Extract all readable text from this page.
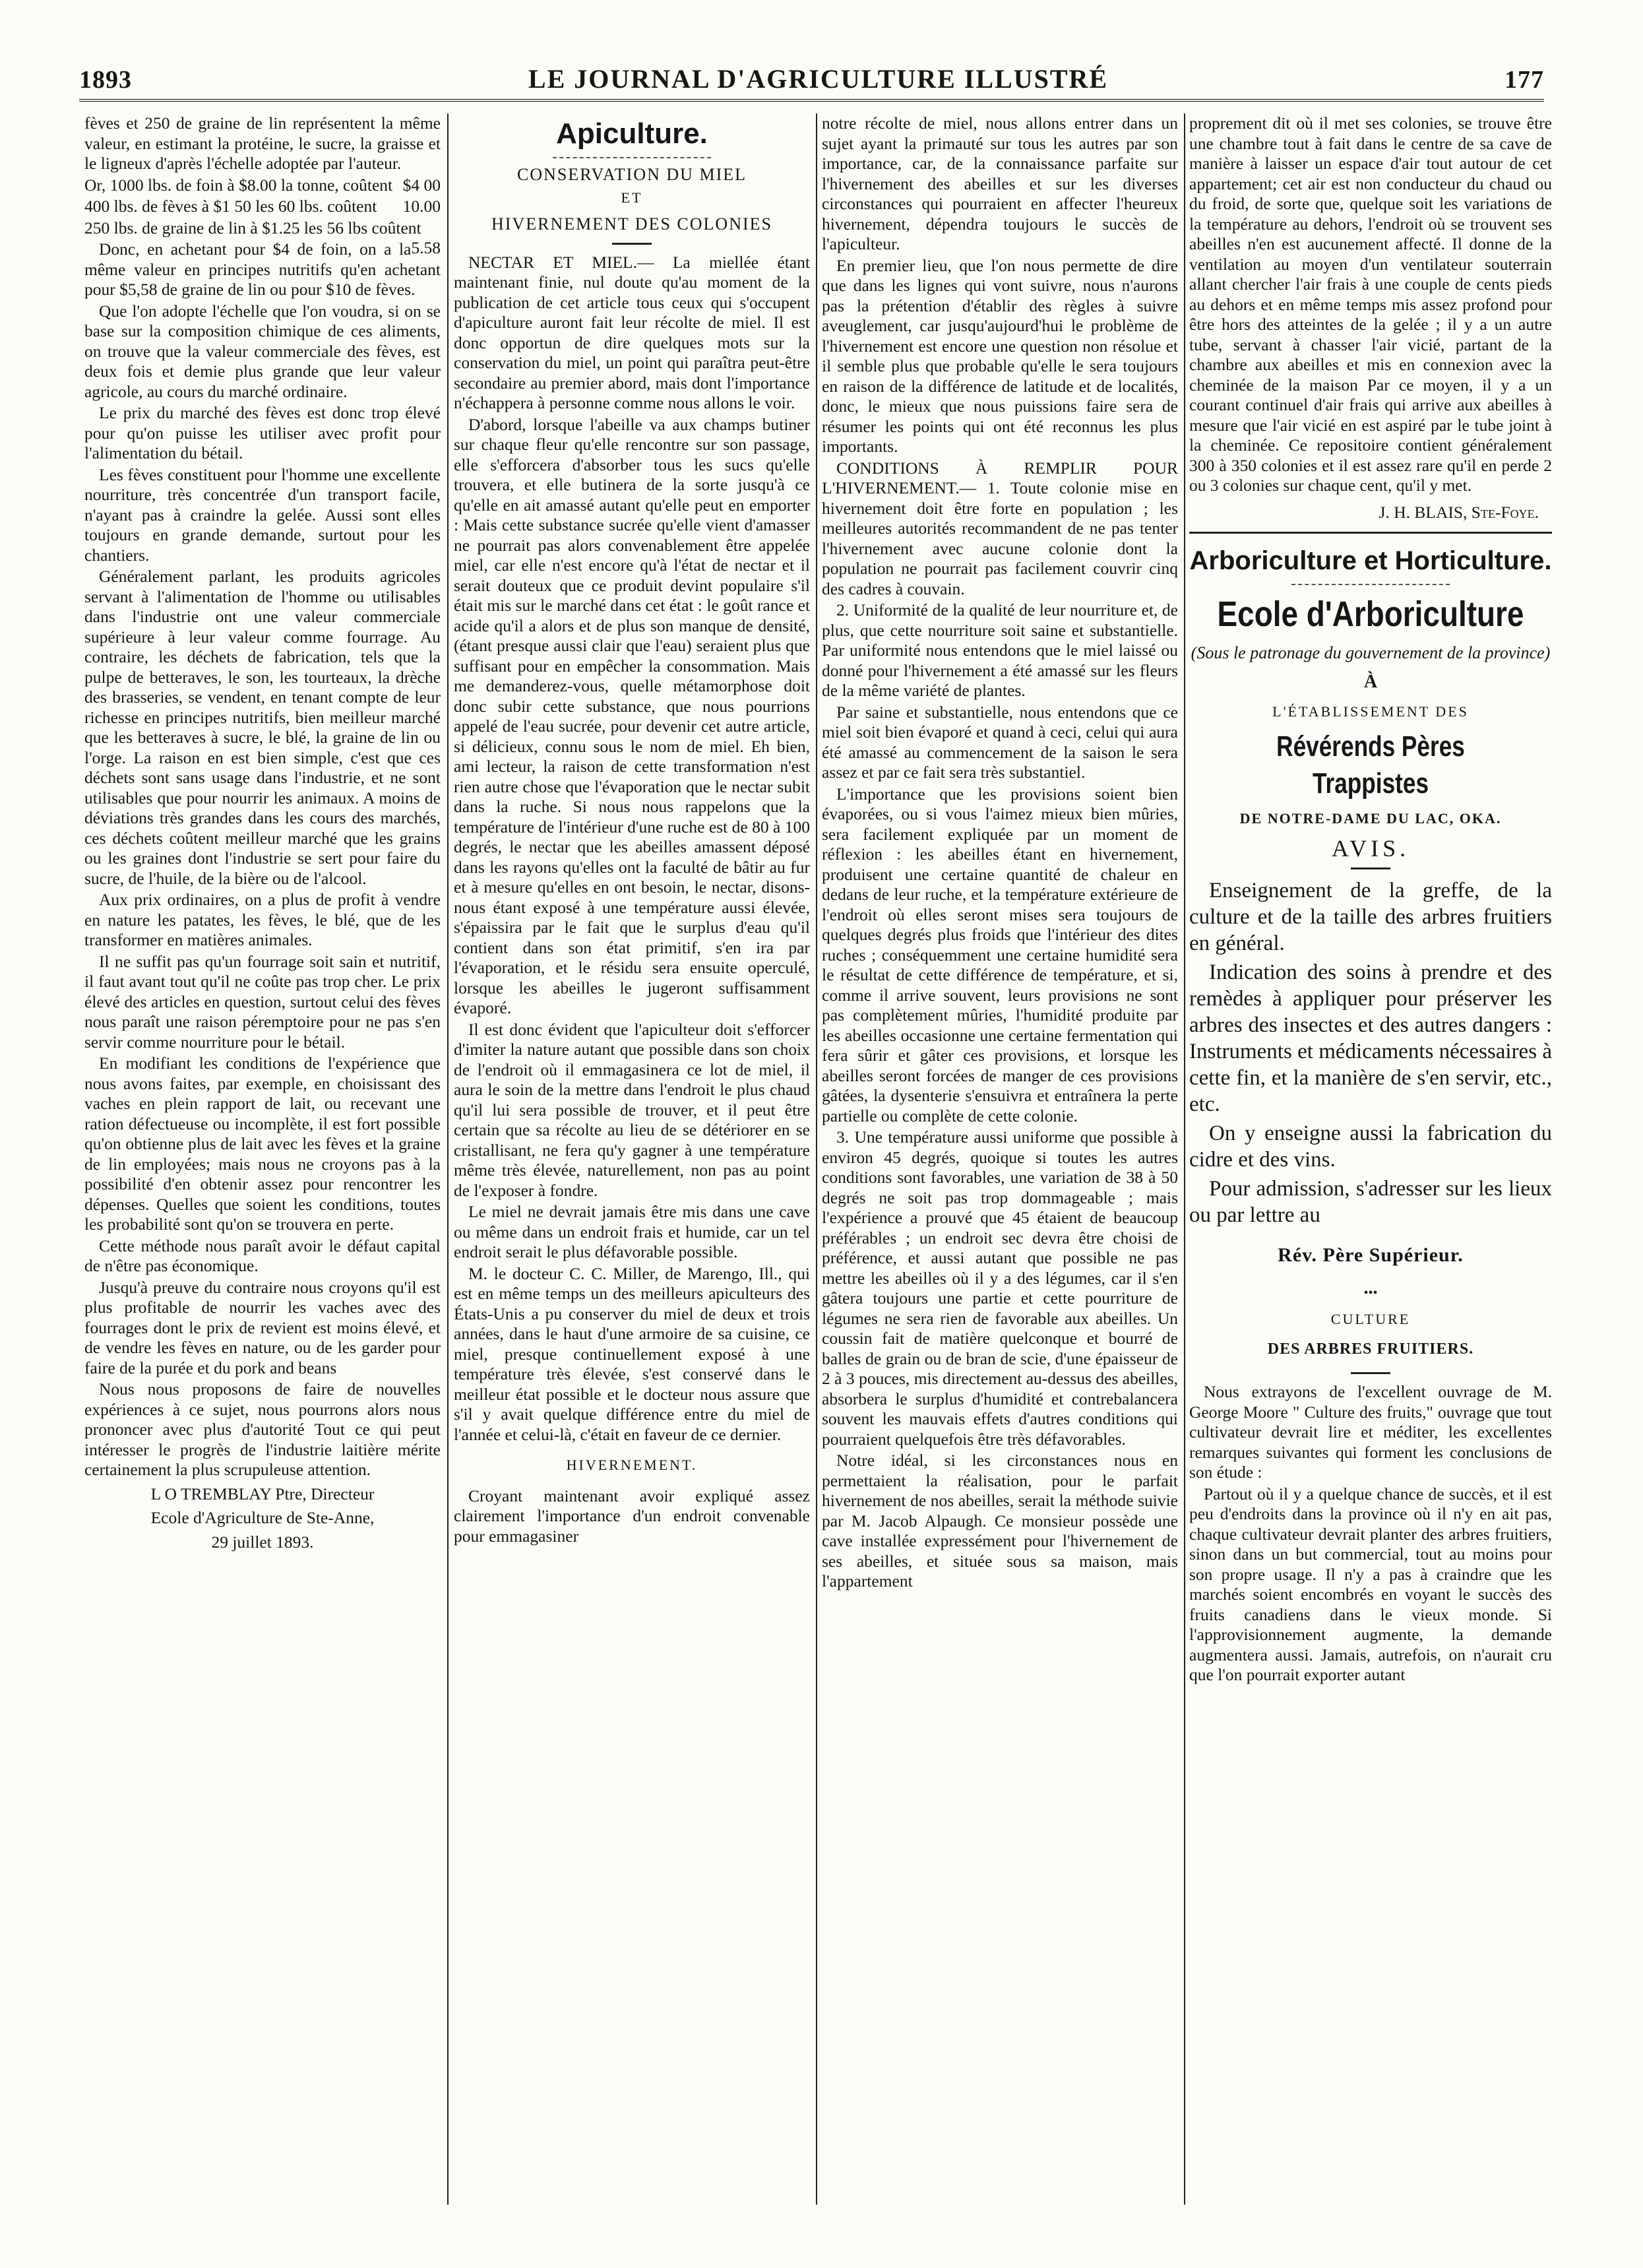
1893	LE JOURNAL D'AGRICULTURE ILLUSTRÉ	177

fèves et 250 de graine de lin représentent la même valeur, en estimant la protéine, le sucre, la graisse et le ligneux d'après l'échelle adoptée par l'auteur.

Or, 1000 lbs. de foin à $8.00 la tonne, coûtent $4 00

400 lbs. de fèves à $1 50 les 60 lbs. coûtent 10.00

250 lbs. de graine de lin à $1.25 les 56 lbs coûtent
5.58

Donc, en achetant pour $4 de foin, on a la même valeur en principes nutritifs qu'en achetant pour $5,58 de graine de lin ou pour $10 de fèves.

Que l'on adopte l'échelle que l'on voudra, si on se base sur la composition chimique de ces aliments, on trouve que la valeur commerciale des fèves, est deux fois et demie plus grande que leur valeur agricole, au cours du marché ordinaire.

Le prix du marché des fèves est donc trop élevé pour qu'on puisse les utiliser avec profit pour l'alimentation du bétail.

Les fèves constituent pour l'homme une excellente nourriture, très concentrée d'un transport facile, n'ayant pas à craindre la gelée. Aussi sont elles toujours en grande demande, surtout pour les chantiers.

Généralement parlant, les produits agricoles servant à l'alimentation de l'homme ou utilisables dans l'industrie ont une valeur commerciale supérieure à leur valeur comme fourrage. Au contraire, les déchets de fabrication, tels que la pulpe de betteraves, le son, les tourteaux, la drèche des brasseries, se vendent, en tenant compte de leur richesse en principes nutritifs, bien meilleur marché que les betteraves à sucre, le blé, la graine de lin ou l'orge. La raison en est bien simple, c'est que ces déchets sont sans usage dans l'industrie, et ne sont utilisables que pour nourrir les animaux. A moins de déviations très grandes dans les cours des marchés, ces déchets coûtent meilleur marché que les grains ou les graines dont l'industrie se sert pour faire du sucre, de l'huile, de la bière ou de l'alcool.

Aux prix ordinaires, on a plus de profit à vendre en nature les patates, les fèves, le blé, que de les transformer en matières animales.

Il ne suffit pas qu'un fourrage soit sain et nutritif, il faut avant tout qu'il ne coûte pas trop cher. Le prix élevé des articles en question, surtout celui des fèves nous paraît une raison péremptoire pour ne pas s'en servir comme nourriture pour le bétail.

En modifiant les conditions de l'expérience que nous avons faites, par exemple, en choisissant des vaches en plein rapport de lait, ou recevant une ration défectueuse ou incomplète, il est fort possible qu'on obtienne plus de lait avec les fèves et la graine de lin employées; mais nous ne croyons pas à la possibilité d'en obtenir assez pour rencontrer les dépenses. Quelles que soient les conditions, toutes les probabilité sont qu'on se trouvera en perte.

Cette méthode nous paraît avoir le défaut capital de n'être pas économique.

Jusqu'à preuve du contraire nous croyons qu'il est plus profitable de nourrir les vaches avec des fourrages dont le prix de revient est moins élevé, et de vendre les fèves en nature, ou de les garder pour faire de la purée et du pork and beans

Nous nous proposons de faire de nouvelles expériences à ce sujet, nous pourrons alors nous prononcer avec plus d'autorité Tout ce qui peut intéresser le progrès de l'industrie laitière mérite certainement la plus scrupuleuse attention.

L O TREMBLAY Ptre, Directeur
Ecole d'Agriculture de Ste-Anne,
29 juillet 1893.
Apiculture.
CONSERVATION DU MIEL
ET
HIVERNEMENT DES COLONIES

NECTAR ET MIEL.— La miellée étant maintenant finie, nul doute qu'au moment de la publication de cet article tous ceux qui s'occupent d'apiculture auront fait leur récolte de miel. Il est donc opportun de dire quelques mots sur la conservation du miel, un point qui paraîtra peut-être secondaire au premier abord, mais dont l'importance n'échappera à personne comme nous allons le voir.

D'abord, lorsque l'abeille va aux champs butiner sur chaque fleur qu'elle rencontre sur son passage, elle s'efforcera d'absorber tous les sucs qu'elle trouvera, et elle butinera de la sorte jusqu'à ce qu'elle en ait amassé autant qu'elle peut en emporter : Mais cette substance sucrée qu'elle vient d'amasser ne pourrait pas alors convenablement être appelée miel, car elle n'est encore qu'à l'état de nectar et il serait douteux que ce produit devint populaire s'il était mis sur le marché dans cet état : le goût rance et acide qu'il a alors et de plus son manque de densité, (étant presque aussi clair que l'eau) seraient plus que suffisant pour en empêcher la consommation. Mais me demanderez-vous, quelle métamorphose doit donc subir cette substance, que nous pourrions appelé de l'eau sucrée, pour devenir cet autre article, si délicieux, connu sous le nom de miel. Eh bien, ami lecteur, la raison de cette transformation n'est rien autre chose que l'évaporation que le nectar subit dans la ruche. Si nous nous rappelons que la température de l'intérieur d'une ruche est de 80 à 100 degrés, le nectar que les abeilles amassent déposé dans les rayons qu'elles ont la faculté de bâtir au fur et à mesure qu'elles en ont besoin, le nectar, disons-nous étant exposé à une température aussi élevée, s'épaissira par le fait que le surplus d'eau qu'il contient dans son état primitif, s'en ira par l'évaporation, et le résidu sera ensuite operculé, lorsque les abeilles le jugeront suffisamment évaporé.

Il est donc évident que l'apiculteur doit s'efforcer d'imiter la nature autant que possible dans son choix de l'endroit où il emmagasinera ce lot de miel, il aura le soin de la mettre dans l'endroit le plus chaud qu'il lui sera possible de trouver, et il peut être certain que sa récolte au lieu de se détériorer en se cristallisant, ne fera qu'y gagner à une température même très élevée, naturellement, non pas au point de l'exposer à fondre.

Le miel ne devrait jamais être mis dans une cave ou même dans un endroit frais et humide, car un tel endroit serait le plus défavorable possible.

M. le docteur C. C. Miller, de Marengo, Ill., qui est en même temps un des meilleurs apiculteurs des États-Unis a pu conserver du miel de deux et trois années, dans le haut d'une armoire de sa cuisine, ce miel, presque continuellement exposé à une température très élevée, s'est conservé dans le meilleur état possible et le docteur nous assure que s'il y avait quelque différence entre du miel de l'année et celui-là, c'était en faveur de ce dernier.

HIVERNEMENT.

Croyant maintenant avoir expliqué assez clairement l'importance d'un endroit convenable pour emmagasiner

notre récolte de miel, nous allons entrer dans un sujet ayant la primauté sur tous les autres par son importance, car, de la connaissance parfaite sur l'hivernement des abeilles et sur les diverses circonstances qui pourraient en affecter l'heureux hivernement, dépendra toujours le succès de l'apiculteur.

En premier lieu, que l'on nous permette de dire que dans les lignes qui vont suivre, nous n'aurons pas la prétention d'établir des règles à suivre aveuglement, car jusqu'aujourd'hui le problème de l'hivernement est encore une question non résolue et il semble plus que probable qu'elle le sera toujours en raison de la différence de latitude et de localités, donc, le mieux que nous puissions faire sera de résumer les points qui ont été reconnus les plus importants.

CONDITIONS À REMPLIR POUR L'HIVERNEMENT.— 1. Toute colonie mise en hivernement doit être forte en population ; les meilleures autorités recommandent de ne pas tenter l'hivernement avec aucune colonie dont la population ne pourrait pas facilement couvrir cinq des cadres à couvain.

2. Uniformité de la qualité de leur nourriture et, de plus, que cette nourriture soit saine et substantielle. Par uniformité nous entendons que le miel laissé ou donné pour l'hivernement a été amassé sur les fleurs de la même variété de plantes.

Par saine et substantielle, nous entendons que ce miel soit bien évaporé et quand à ceci, celui qui aura été amassé au commencement de la saison le sera assez et par ce fait sera très substantiel.

L'importance que les provisions soient bien évaporées, ou si vous l'aimez mieux bien mûries, sera facilement expliquée par un moment de réflexion : les abeilles étant en hivernement, produisent une certaine quantité de chaleur en dedans de leur ruche, et la température extérieure de l'endroit où elles seront mises sera toujours de quelques degrés plus froids que l'intérieur des dites ruches ; conséquemment une certaine humidité sera le résultat de cette différence de température, et si, comme il arrive souvent, leurs provisions ne sont pas complètement mûries, l'humidité produite par les abeilles occasionne une certaine fermentation qui fera sûrir et gâter ces provisions, et lorsque les abeilles seront forcées de manger de ces provisions gâtées, la dysenterie s'ensuivra et entraînera la perte partielle ou complète de cette colonie.

3. Une température aussi uniforme que possible à environ 45 degrés, quoique si toutes les autres conditions sont favorables, une variation de 38 à 50 degrés ne soit pas trop dommageable ; mais l'expérience a prouvé que 45 étaient de beaucoup préférables ; un endroit sec devra être choisi de préférence, et aussi autant que possible ne pas mettre les abeilles où il y a des légumes, car il s'en gâtera toujours une partie et cette pourriture de légumes ne sera rien de favorable aux abeilles. Un coussin fait de matière quelconque et bourré de balles de grain ou de bran de scie, d'une épaisseur de 2 à 3 pouces, mis directement au-dessus des abeilles, absorbera le surplus d'humidité et contrebalancera souvent les mauvais effets d'autres conditions qui pourraient quelquefois être très défavorables.

Notre idéal, si les circonstances nous en permettaient la réalisation, pour le parfait hivernement de nos abeilles, serait la méthode suivie par M. Jacob Alpaugh. Ce monsieur possède une cave installée expressément pour l'hivernement de ses abeilles, et située sous sa maison, mais l'appartement

proprement dit où il met ses colonies, se trouve être une chambre tout à fait dans le centre de sa cave de manière à laisser un espace d'air tout autour de cet appartement; cet air est non conducteur du chaud ou du froid, de sorte que, quelque soit les variations de la température au dehors, l'endroit où se trouvent ses abeilles n'en est aucunement affecté. Il donne de la ventilation au moyen d'un ventilateur souterrain allant chercher l'air frais à une couple de cents pieds au dehors et en même temps mis assez profond pour être hors des atteintes de la gelée ; il y a un autre tube, servant à chasser l'air vicié, partant de la chambre aux abeilles et mis en connexion avec la cheminée de la maison Par ce moyen, il y a un courant continuel d'air frais qui arrive aux abeilles à mesure que l'air vicié en est aspiré par le tube joint à la cheminée. Ce repositoire contient généralement 300 à 350 colonies et il est assez rare qu'il en perde 2 ou 3 colonies sur chaque cent, qu'il y met.

J. H. BLAIS, Ste-Foye.
Arboriculture et Horticulture.
Ecole d'Arboriculture
(Sous le patronage du gouvernement de la province)
À
L'ÉTABLISSEMENT DES
Révérends Pères Trappistes
DE NOTRE-DAME DU LAC, OKA.
AVIS.

Enseignement de la greffe, de la culture et de la taille des arbres fruitiers en général.

Indication des soins à prendre et des remèdes à appliquer pour préserver les arbres des insectes et des autres dangers : Instruments et médicaments nécessaires à cette fin, et la manière de s'en servir, etc., etc.

On y enseigne aussi la fabrication du cidre et des vins.

Pour admission, s'adresser sur les lieux ou par lettre au

Rév. Père Supérieur.
•••
CULTURE
DES ARBRES FRUITIERS.

Nous extrayons de l'excellent ouvrage de M. George Moore " Culture des fruits," ouvrage que tout cultivateur devrait lire et méditer, les excellentes remarques suivantes qui forment les conclusions de son étude :

Partout où il y a quelque chance de succès, et il est peu d'endroits dans la province où il n'y en ait pas, chaque cultivateur devrait planter des arbres fruitiers, sinon dans un but commercial, tout au moins pour son propre usage. Il n'y a pas à craindre que les marchés soient encombrés en voyant le succès des fruits canadiens dans le vieux monde. Si l'approvisionnement augmente, la demande augmentera aussi. Jamais, autrefois, on n'aurait cru que l'on pourrait exporter autant
